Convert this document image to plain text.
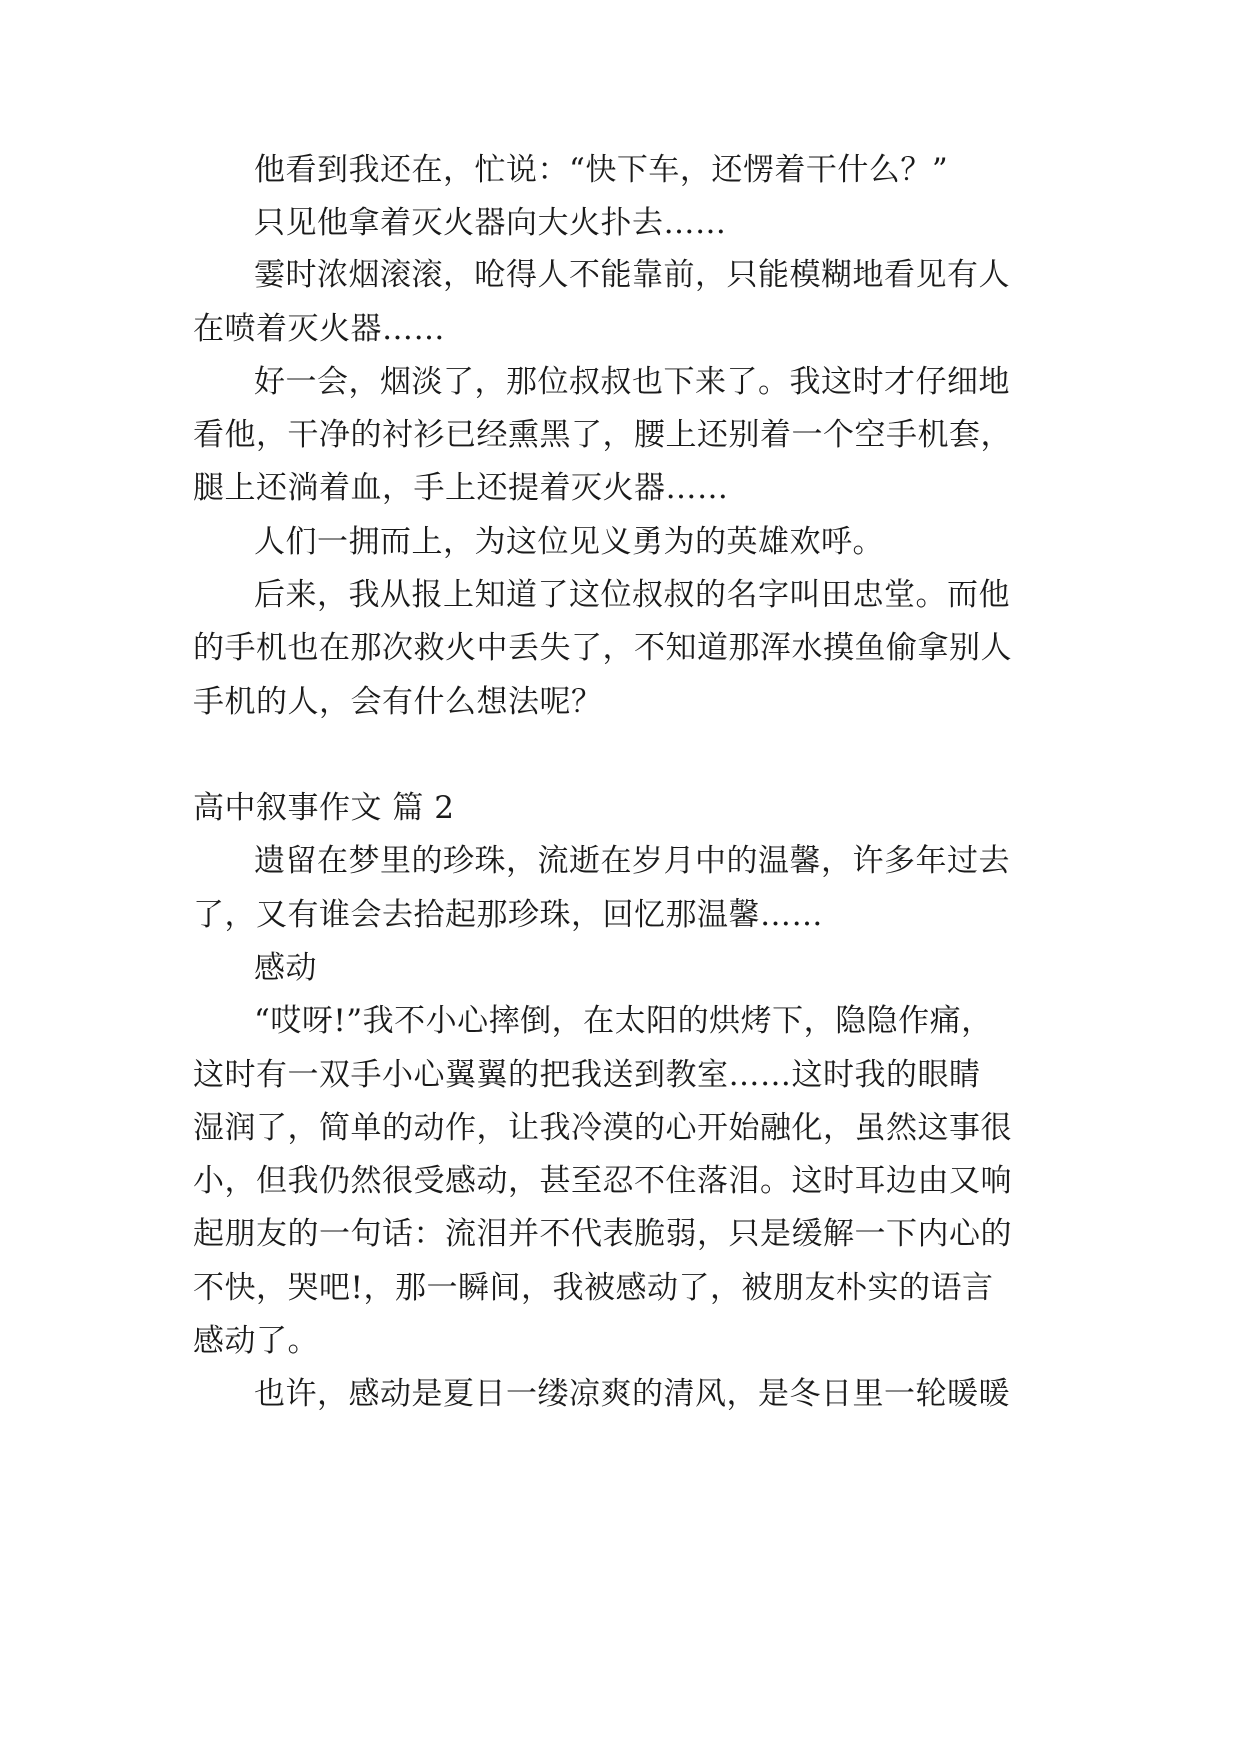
他看到我还在，忙说：“快下车，还愣着干什么？”
只见他拿着灭火器向大火扑去……
霎时浓烟滚滚，呛得人不能靠前，只能模糊地看见有人
在喷着灭火器……
好一会，烟淡了，那位叔叔也下来了。我这时才仔细地
看他，干净的衬衫已经熏黑了，腰上还别着一个空手机套，
腿上还淌着血，手上还提着灭火器……
人们一拥而上，为这位见义勇为的英雄欢呼。
后来，我从报上知道了这位叔叔的名字叫田忠堂。而他
的手机也在那次救火中丢失了，不知道那浑水摸鱼偷拿别人
手机的人，会有什么想法呢？
高中叙事作文 篇 2
遗留在梦里的珍珠，流逝在岁月中的温馨，许多年过去
了，又有谁会去拾起那珍珠，回忆那温馨……
感动
“哎呀!”我不小心摔倒，在太阳的烘烤下，隐隐作痛，
这时有一双手小心翼翼的把我送到教室……这时我的眼睛
湿润了，简单的动作，让我冷漠的心开始融化，虽然这事很
小，但我仍然很受感动，甚至忍不住落泪。这时耳边由又响
起朋友的一句话：流泪并不代表脆弱，只是缓解一下内心的
不快，哭吧!，那一瞬间，我被感动了，被朋友朴实的语言
感动了。
也许，感动是夏日一缕凉爽的清风，是冬日里一轮暖暖
